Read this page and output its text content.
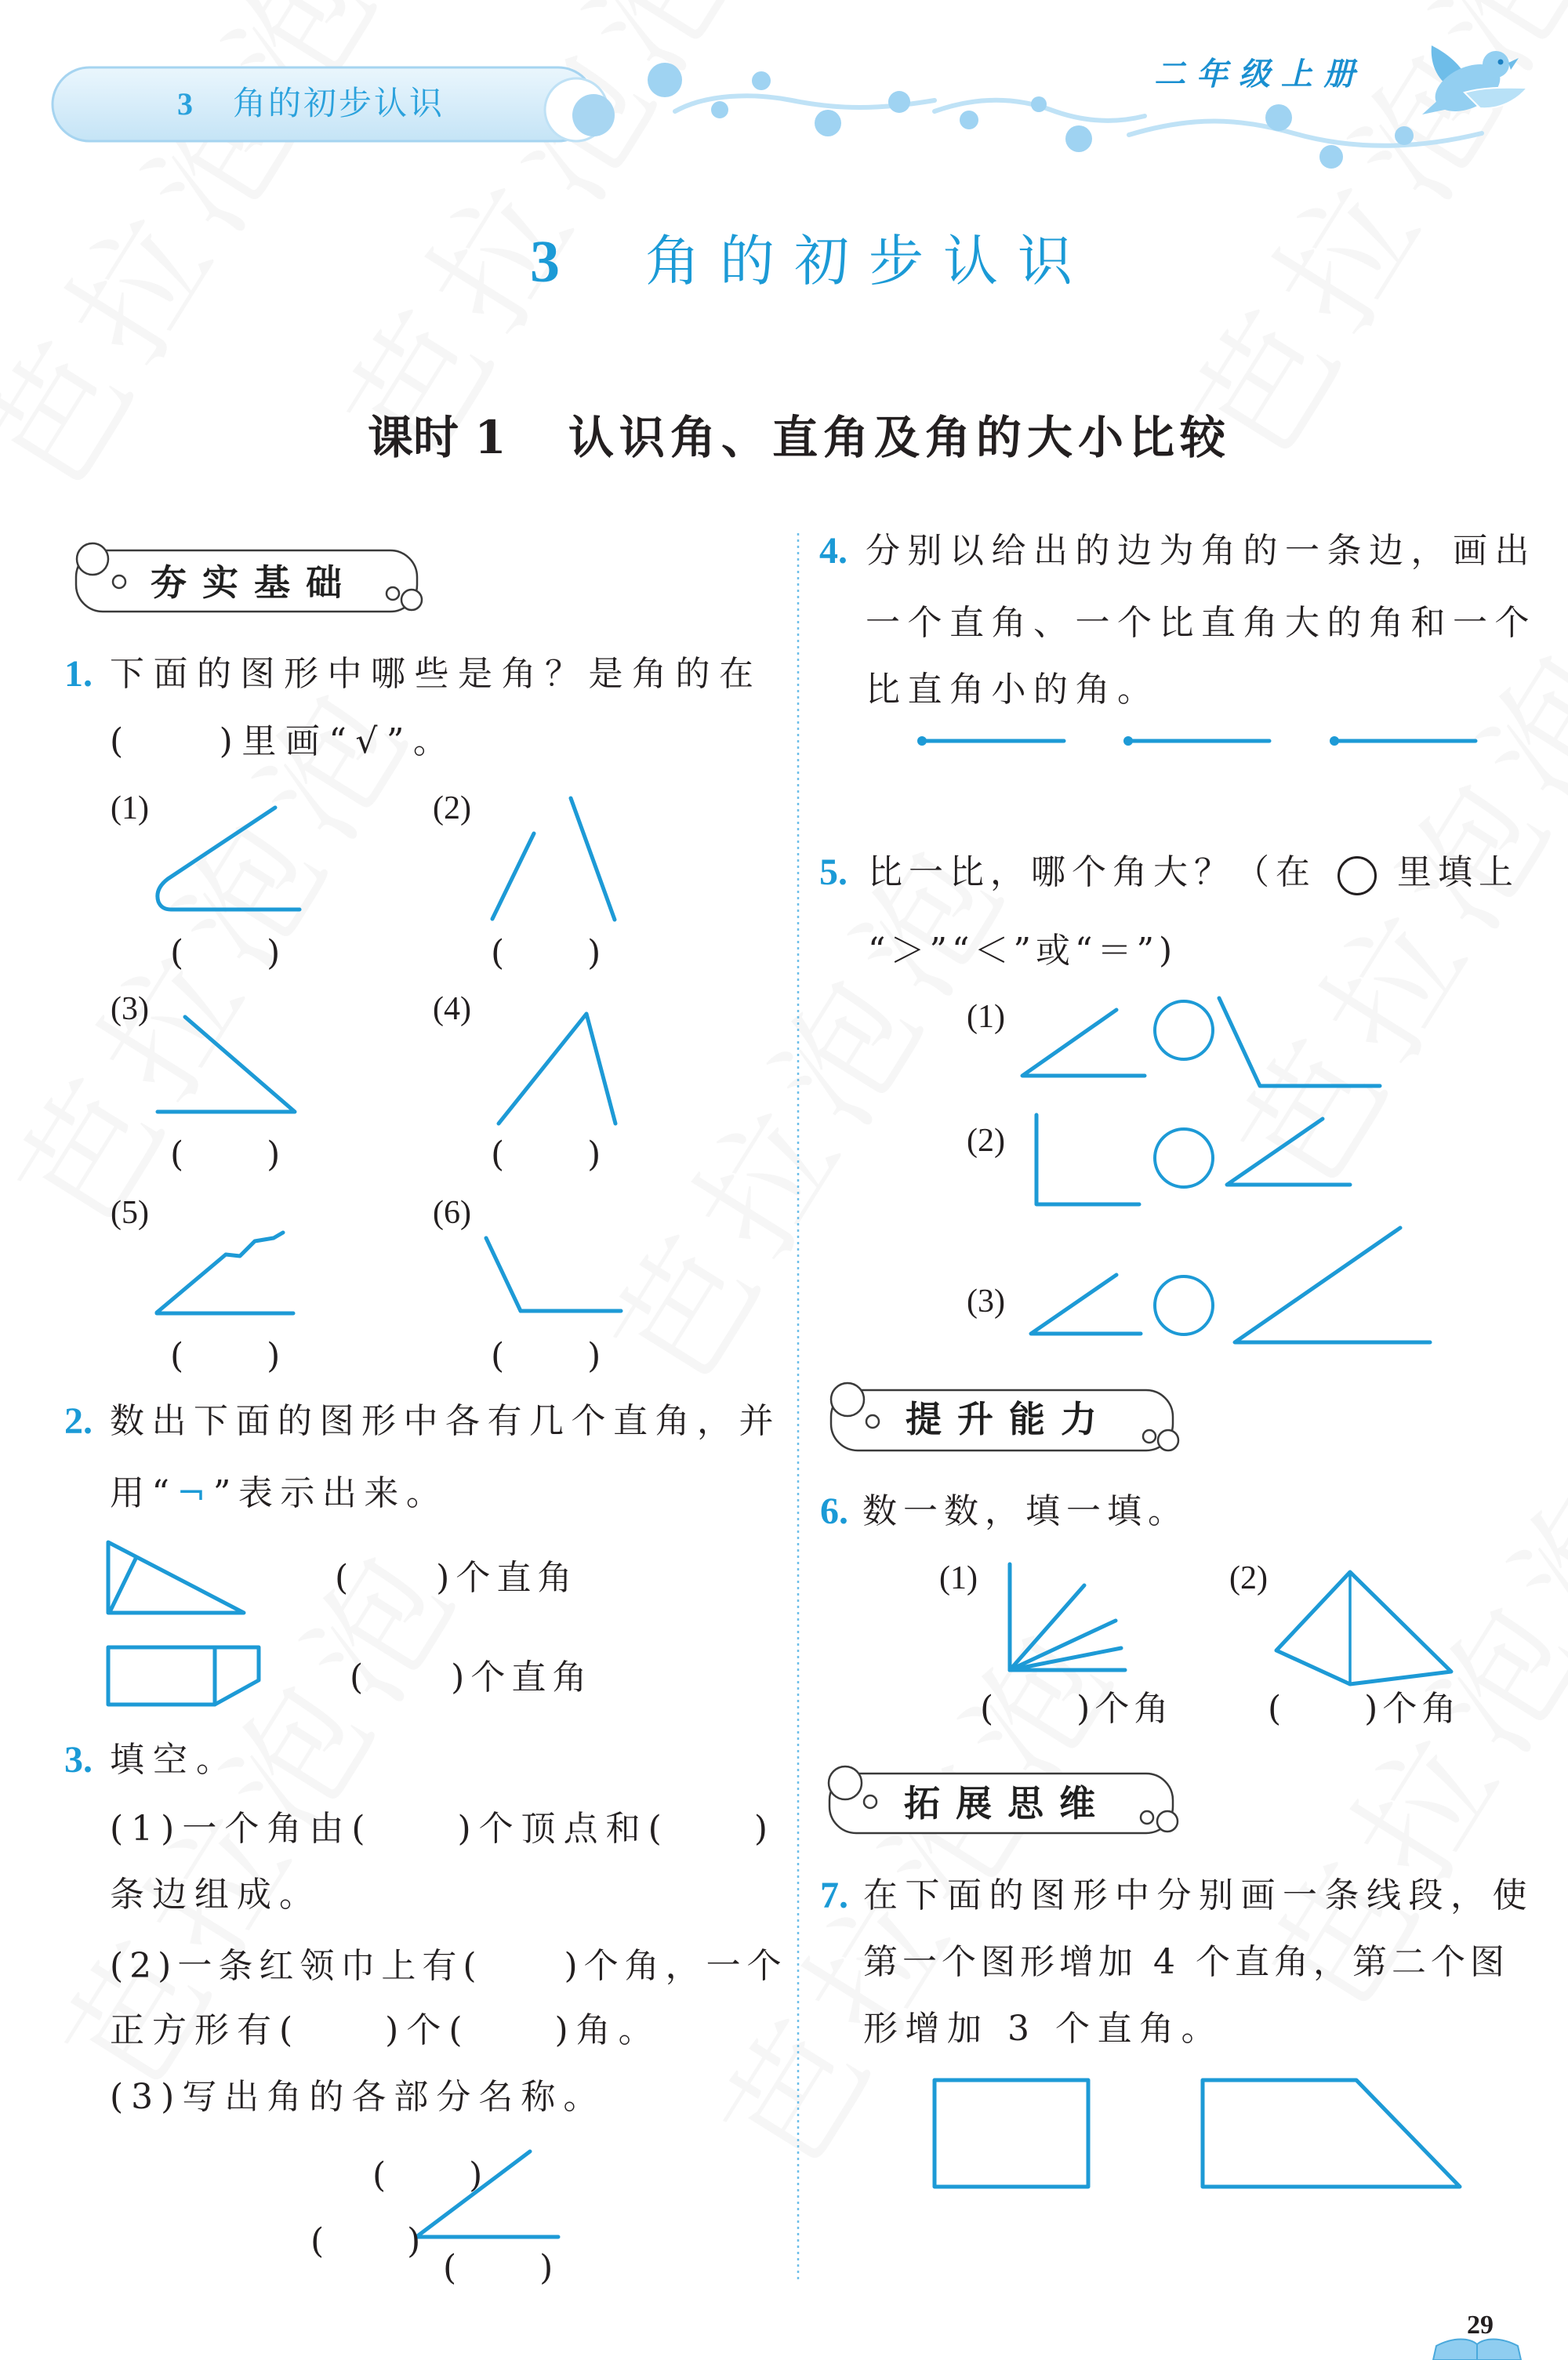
3 角的初步认识
二年级上册
3 角的初步认识
课时 1 认识角、直角及角的大小比较
夯实基础
提升能力
拓展思维
1. 下面的图形中哪些是角？是角的在
(　　)里画“√”。
(1)	(2)
(3)	(4)
(5)	(6)
(　　)	(　　)
(　　)	(　　)
(　　)	(　　)
2. 数出下面的图形中各有几个直角，并
用“¬”表示出来。
(　　)个直角
(　　)个直角
3. 填空。
(1)一个角由(　　)个顶点和(　　)
条边组成。
(2)一条红领巾上有(　　)个角，一个
正方形有(　　)个(　　)角。
(3)写出角的各部分名称。
(　　)
(　　)
(　　)
4. 分别以给出的边为角的一条边，画出
一个直角、一个比直角大的角和一个
比直角小的角。
5. 比一比，哪个角大？（在 里填上
“＞”“＜”或“＝”)
(1)
(2)
(3)
6. 数一数，填一填。
(1)	(2)
(　　)个角	(　　)个角
7. 在下面的图形中分别画一条线段，使
第一个图形增加 4 个直角，第二个图
形增加 3 个直角。
29
